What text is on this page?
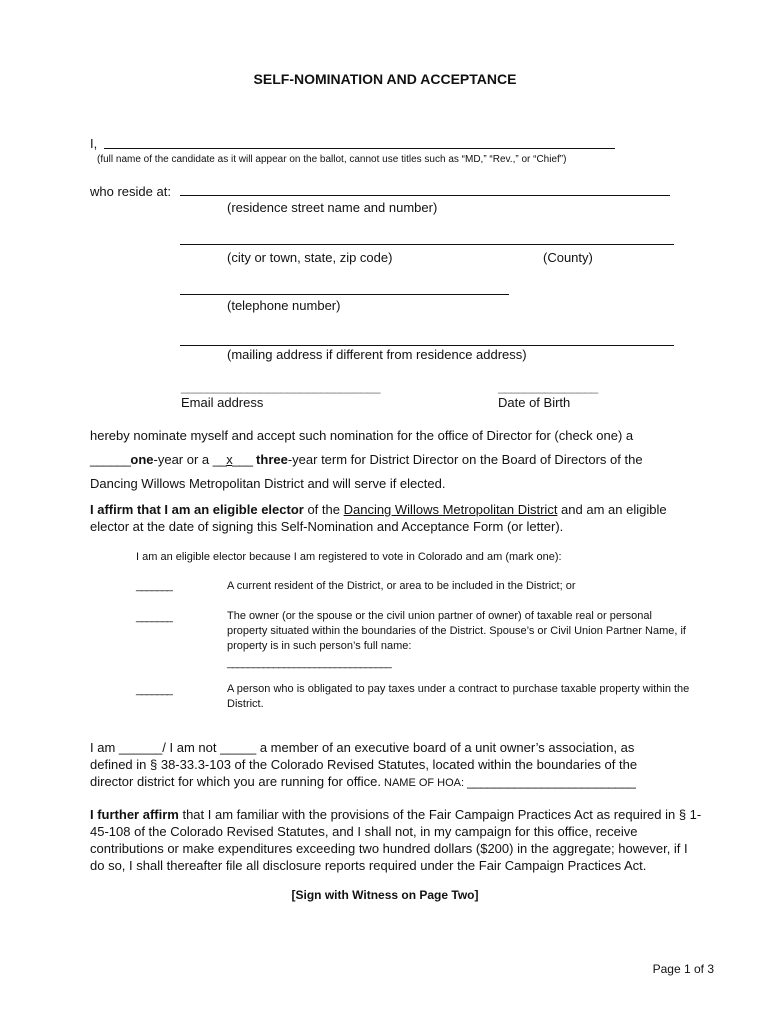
SELF-NOMINATION AND ACCEPTANCE
I,
(full name of the candidate as it will appear on the ballot, cannot use titles such as “MD,” “Rev.,” or “Chief”)
who reside at:
(residence street name and number)
(city or town, state, zip code)	(County)
(telephone number)
(mailing address if different from residence address)
______________________________
Email address
_______________
Date of Birth
hereby nominate myself and accept such nomination for the office of Director for (check one) a
______one-year or a __x___ three-year term for District Director on the Board of Directors of the
Dancing Willows Metropolitan District and will serve if elected.
I affirm that I am an eligible elector of the Dancing Willows Metropolitan District and am an eligible elector at the date of signing this Self-Nomination and Acceptance Form (or letter).
I am an eligible elector because I am registered to vote in Colorado and am (mark one):
_______	A current resident of the District, or area to be included in the District; or
_______	The owner (or the spouse or the civil union partner of owner) of taxable real or personal property situated within the boundaries of the District. Spouse’s or Civil Union Partner Name, if property is in such person’s full name:
________________________________
_______	A person who is obligated to pay taxes under a contract to purchase taxable property within the District.
I am ______/ I am not _____ a member of an executive board of a unit owner’s association, as
defined in § 38-33.3-103 of the Colorado Revised Statutes, located within the boundaries of the
director district for which you are running for office. NAME OF HOA: _________________________
I further affirm that I am familiar with the provisions of the Fair Campaign Practices Act as required in § 1-45-108 of the Colorado Revised Statutes, and I shall not, in my campaign for this office, receive contributions or make expenditures exceeding two hundred dollars ($200) in the aggregate; however, if I do so, I shall thereafter file all disclosure reports required under the Fair Campaign Practices Act.
[Sign with Witness on Page Two]
Page 1 of 3
